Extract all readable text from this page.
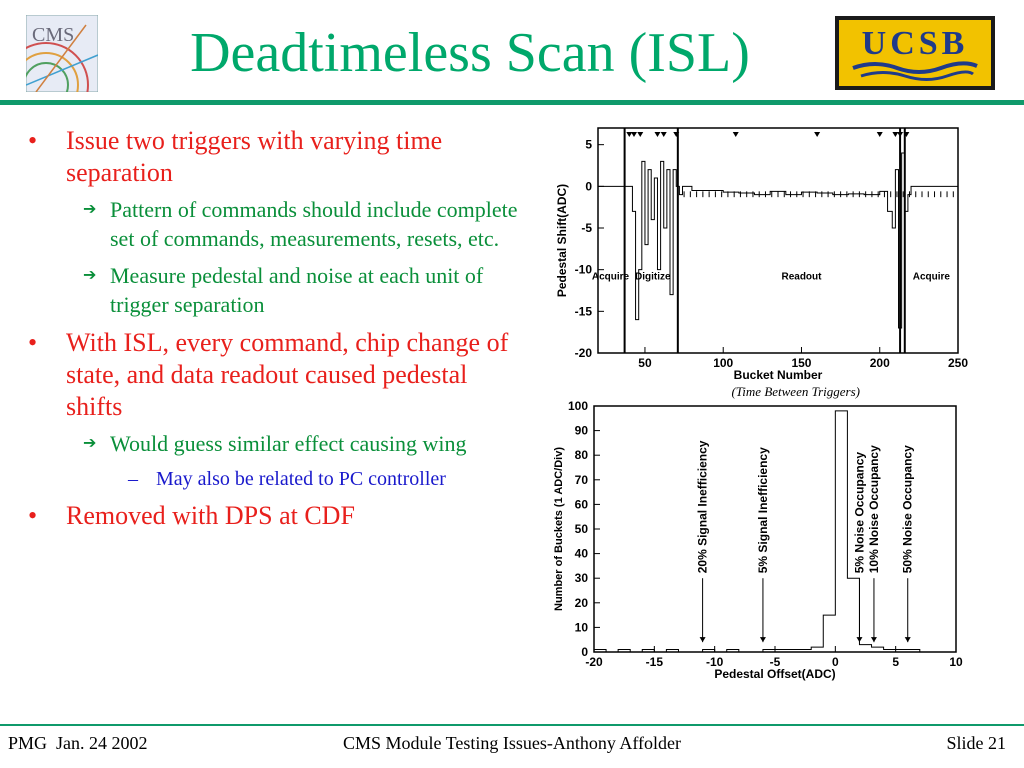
CMS	Deadtimeless Scan (ISL)	UCSB
• Issue two triggers with varying time separation
➔ Pattern of commands should include complete set of commands, measurements, resets, etc.
➔ Measure pedestal and noise at each unit of trigger separation
• With ISL, every command, chip change of state, and data readout caused pedestal shifts
➔ Would guess similar effect causing wing
– May also be related to PC controller
• Removed with DPS at CDF
5
0
-5
-10
-15
-20
50	100	150	200	250
Bucket Number
Pedestal Shift(ADC) Acquire Digitize	Readout	Acquire
0
10
20
30
40
50
60
70
80
90
100
-20	-15	-10	-5	0	5	10
Pedestal Offset(ADC)
Number of Buckets (1 ADC/Div)	20% Signal Inefficiency	5% Signal Inefficiency	5% Noise Occupancy 10% Noise Occupancy 50% Noise Occupancy
(Time Between Triggers)
PMG  Jan. 24 2002	CMS Module Testing Issues-Anthony Affolder	Slide 21
